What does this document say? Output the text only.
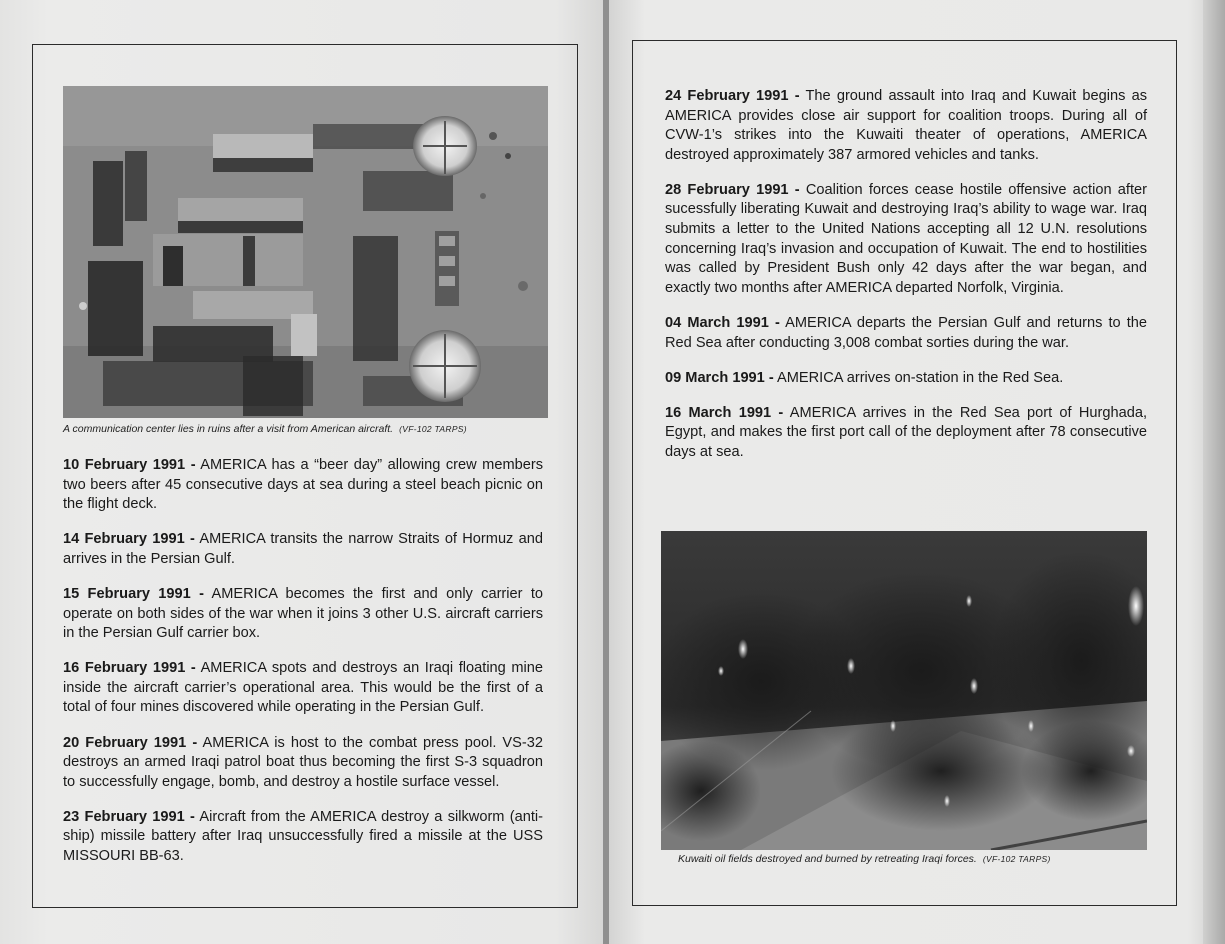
A communication center lies in ruins after a visit from American aircraft. (VF-102 TARPS)

10 February 1991 - AMERICA has a “beer day” allowing crew members two beers after 45 consecutive days at sea during a steel beach picnic on the flight deck.

14 February 1991 - AMERICA transits the narrow Straits of Hormuz and arrives in the Persian Gulf.

15 February 1991 - AMERICA becomes the first and only carrier to operate on both sides of the war when it joins 3 other U.S. aircraft carriers in the Persian Gulf carrier box.

16 February 1991 - AMERICA spots and destroys an Iraqi floating mine inside the aircraft carrier’s operational area. This would be the first of a total of four mines discovered while operating in the Persian Gulf.

20 February 1991 - AMERICA is host to the combat press pool. VS-32 destroys an armed Iraqi patrol boat thus becoming the first S-3 squadron to successfully engage, bomb, and destroy a hostile surface vessel.

23 February 1991 - Aircraft from the AMERICA destroy a silkworm (anti-ship) missile battery after Iraq unsuccessfully fired a missile at the USS MISSOURI BB-63.

24 February 1991 - The ground assault into Iraq and Kuwait begins as AMERICA provides close air support for coalition troops. During all of CVW-1’s strikes into the Kuwaiti theater of operations, AMERICA destroyed approximately 387 armored vehicles and tanks.

28 February 1991 - Coalition forces cease hostile offensive action after sucessfully liberating Kuwait and destroying Iraq’s ability to wage war. Iraq submits a letter to the United Nations accepting all 12 U.N. resolutions concerning Iraq’s invasion and occupation of Kuwait. The end to hostilities was called by President Bush only 42 days after the war began, and exactly two months after AMERICA departed Norfolk, Virginia.

04 March 1991 - AMERICA departs the Persian Gulf and returns to the Red Sea after conducting 3,008 combat sorties during the war.

09 March 1991 - AMERICA arrives on-station in the Red Sea.

16 March 1991 - AMERICA arrives in the Red Sea port of Hurghada, Egypt, and makes the first port call of the deployment after 78 consecutive days at sea.

Kuwaiti oil fields destroyed and burned by retreating Iraqi forces. (VF-102 TARPS)
